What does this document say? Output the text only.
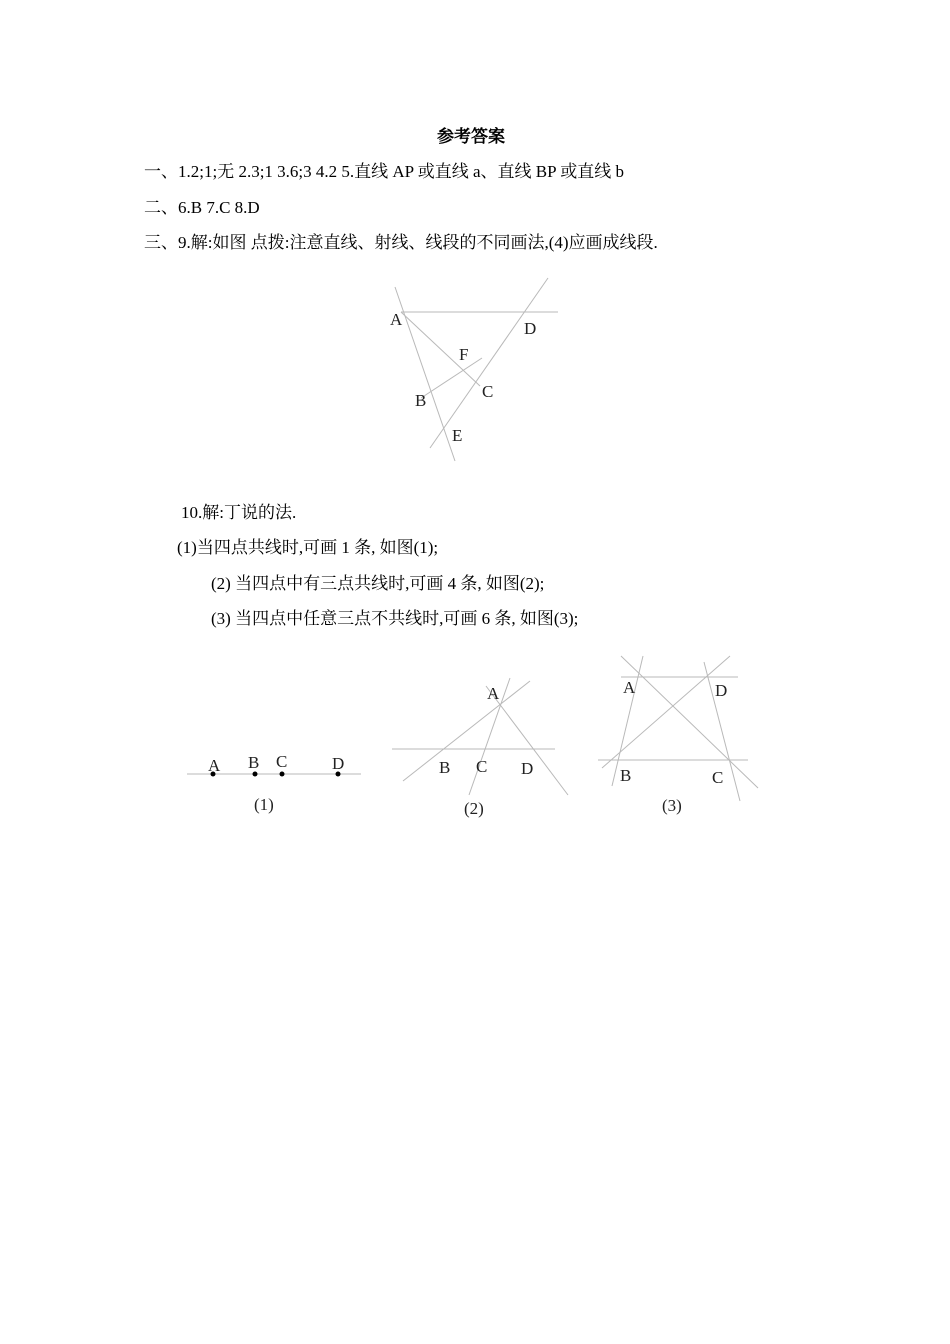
参考答案
一、1.2;1;无 2.3;1 3.6;3 4.2 5.直线 AP 或直线 a、直线 BP 或直线 b
二、6.B 7.C 8.D
三、9.解:如图 点拨:注意直线、射线、线段的不同画法,(4)应画成线段.
A	D
F
C
B
E
10.解:丁说的法.
(1)当四点共线时,可画 1 条, 如图(1);
(2) 当四点中有三点共线时,可画 4 条, 如图(2);
(3) 当四点中任意三点不共线时,可画 6 条, 如图(3);
A B C	D
(1)
A
B C D
(2)
A	D
B	C
(3)
